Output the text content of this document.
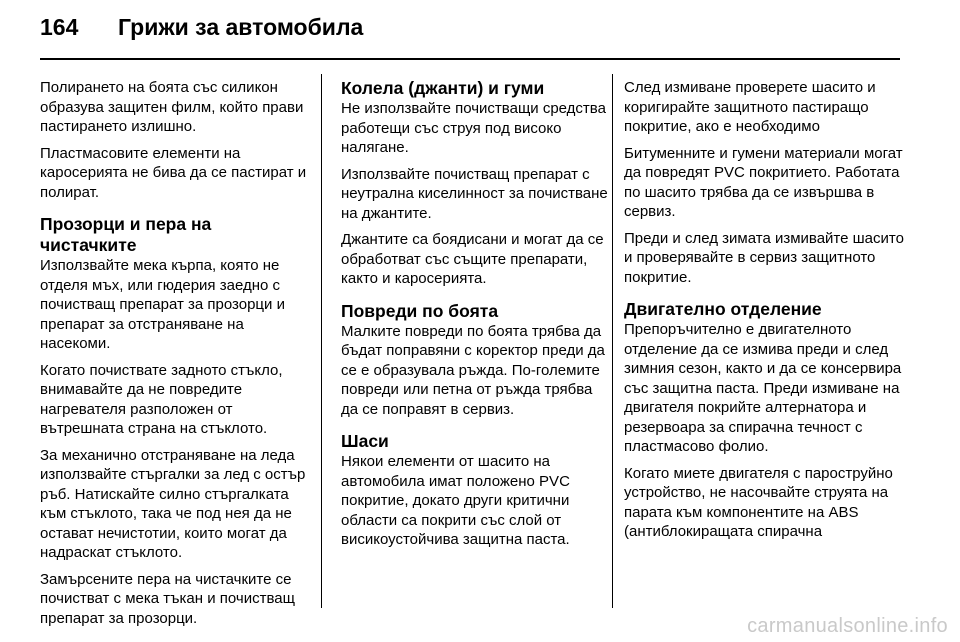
164 Грижи за автомобила

Полирането на боята със силикон образува защитен филм, който прави пастирането излишно.

Пластмасовите елементи на каросерията не бива да се пастират и полират.

Прозорци и пера на чистачките

Използвайте мека кърпа, която не отделя мъх, или гюдерия заедно с почистващ препарат за прозорци и препарат за отстраняване на насекоми.

Когато почиствате задното стъкло, внимавайте да не повредите нагревателя разположен от вътрешната страна на стъклото.

За механично отстраняване на леда използвайте стъргалки за лед с остър ръб. Натискайте силно стъргалката към стъклото, така че под нея да не остават нечистотии, които могат да надраскат стъклото.

Замърсените пера на чистачките се почистват с мека тъкан и почистващ препарат за прозорци.

Колела (джанти) и гуми

Не използвайте почистващи средства работещи със струя под високо налягане.

Използвайте почистващ препарат с неутрална киселинност за почистване на джантите.

Джантите са боядисани и могат да се обработват със същите препарати, както и каросерията.

Повреди по боята

Малките повреди по боята трябва да бъдат поправяни с коректор преди да се е образувала ръжда. По-големите повреди или петна от ръжда трябва да се поправят в сервиз.

Шаси

Някои елементи от шасито на автомобила имат положено PVC покритие, докато други критични области са покрити със слой от висикоустойчива защитна паста.

След измиване проверете шасито и коригирайте защитното пастиращо покритие, ако е необходимо

Битуменните и гумени материали могат да повредят PVC покритието. Работата по шасито трябва да се извършва в сервиз.

Преди и след зимата измивайте шасито и проверявайте в сервиз защитното покритие.

Двигателно отделение

Препоръчително е двигателното отделение да се измива преди и след зимния сезон, както и да се консервира със защитна паста. Преди измиване на двигателя покрийте алтернатора и резервоара за спирачна течност с пластмасово фолио.

Когато миете двигателя с пароструйно устройство, не насочвайте струята на парата към компонентите на ABS (антиблокиращата спирачна

carmanualsonline.info
